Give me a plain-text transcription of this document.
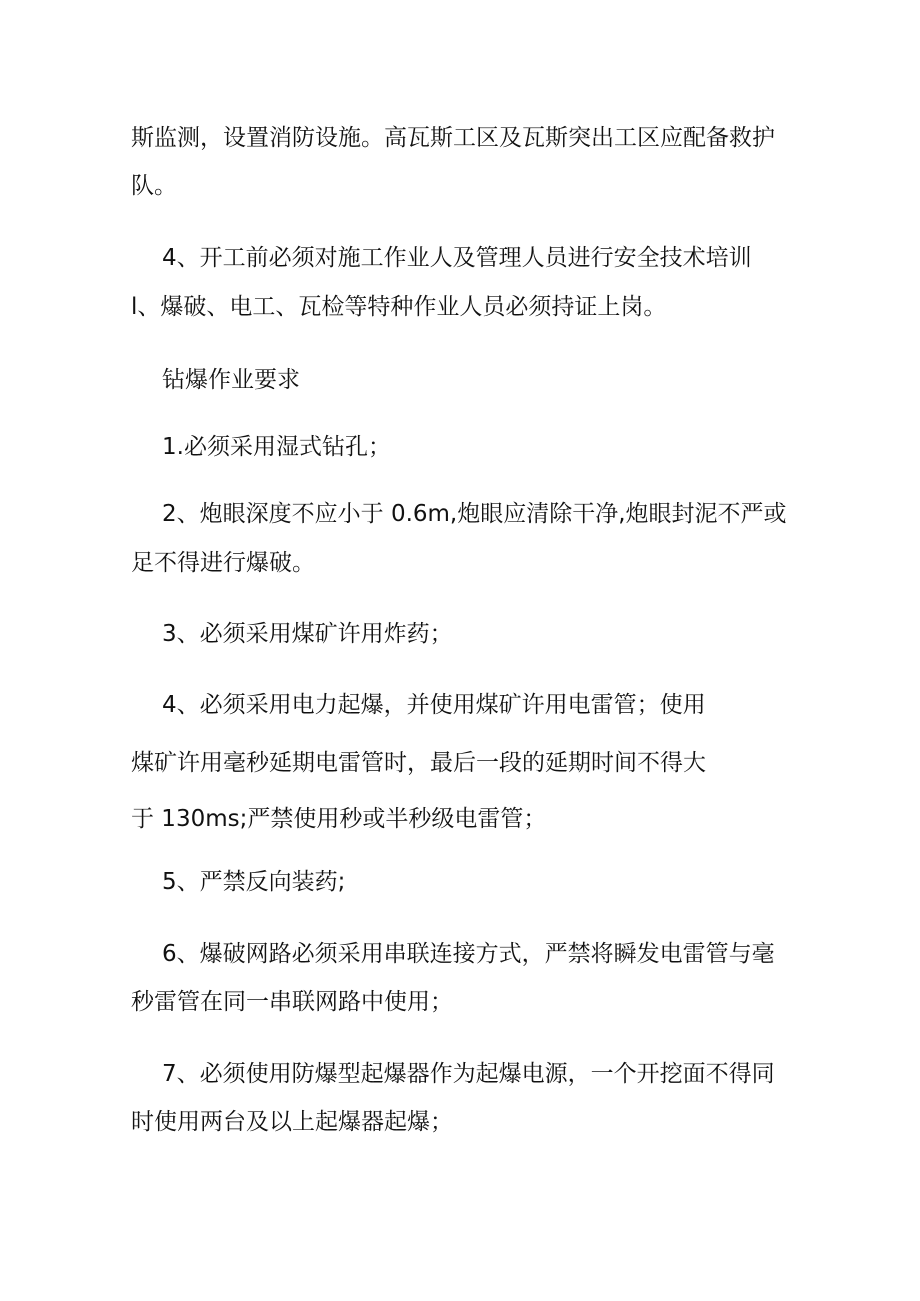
斯监测，设置消防设施。高瓦斯工区及瓦斯突出工区应配备救护
队。
4、开工前必须对施工作业人及管理人员进行安全技术培训
l、爆破、电工、瓦检等特种作业人员必须持证上岗。
钻爆作业要求
1.必须采用湿式钻孔；
2、炮眼深度不应小于 0.6m,炮眼应清除干净,炮眼封泥不严或
足不得进行爆破。
3、必须采用煤矿许用炸药；
4、必须采用电力起爆，并使用煤矿许用电雷管；使用
煤矿许用毫秒延期电雷管时，最后一段的延期时间不得大
于 130ms;严禁使用秒或半秒级电雷管；
5、严禁反向装药;
6、爆破网路必须采用串联连接方式，严禁将瞬发电雷管与毫
秒雷管在同一串联网路中使用；
7、必须使用防爆型起爆器作为起爆电源，一个开挖面不得同
时使用两台及以上起爆器起爆；
